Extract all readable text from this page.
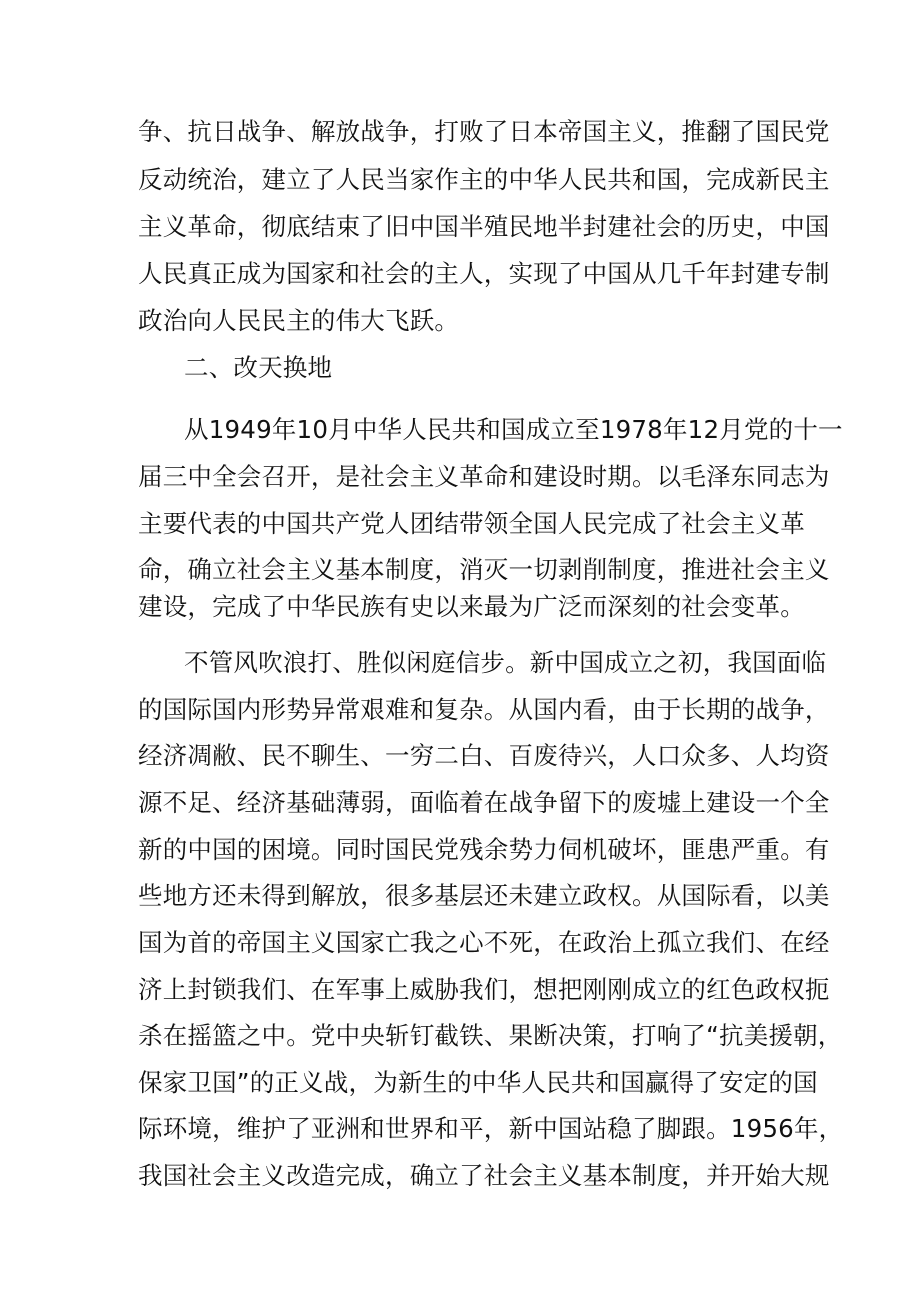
争、抗日战争、解放战争，打败了日本帝国主义，推翻了国民党
反动统治，建立了人民当家作主的中华人民共和国，完成新民主
主义革命，彻底结束了旧中国半殖民地半封建社会的历史，中国
人民真正成为国家和社会的主人，实现了中国从几千年封建专制
政治向人民民主的伟大飞跃。
二、改天换地
从1949年10月中华人民共和国成立至1978年12月党的十一
届三中全会召开，是社会主义革命和建设时期。以毛泽东同志为
主要代表的中国共产党人团结带领全国人民完成了社会主义革
命，确立社会主义基本制度，消灭一切剥削制度，推进社会主义
建设，完成了中华民族有史以来最为广泛而深刻的社会变革。
不管风吹浪打、胜似闲庭信步。新中国成立之初，我国面临
的国际国内形势异常艰难和复杂。从国内看，由于长期的战争，
经济凋敝、民不聊生、一穷二白、百废待兴，人口众多、人均资
源不足、经济基础薄弱，面临着在战争留下的废墟上建设一个全
新的中国的困境。同时国民党残余势力伺机破坏，匪患严重。有
些地方还未得到解放，很多基层还未建立政权。从国际看，以美
国为首的帝国主义国家亡我之心不死，在政治上孤立我们、在经
济上封锁我们、在军事上威胁我们，想把刚刚成立的红色政权扼
杀在摇篮之中。党中央斩钉截铁、果断决策，打响了“抗美援朝，
保家卫国”的正义战，为新生的中华人民共和国赢得了安定的国
际环境，维护了亚洲和世界和平，新中国站稳了脚跟。1956年，
我国社会主义改造完成，确立了社会主义基本制度，并开始大规
